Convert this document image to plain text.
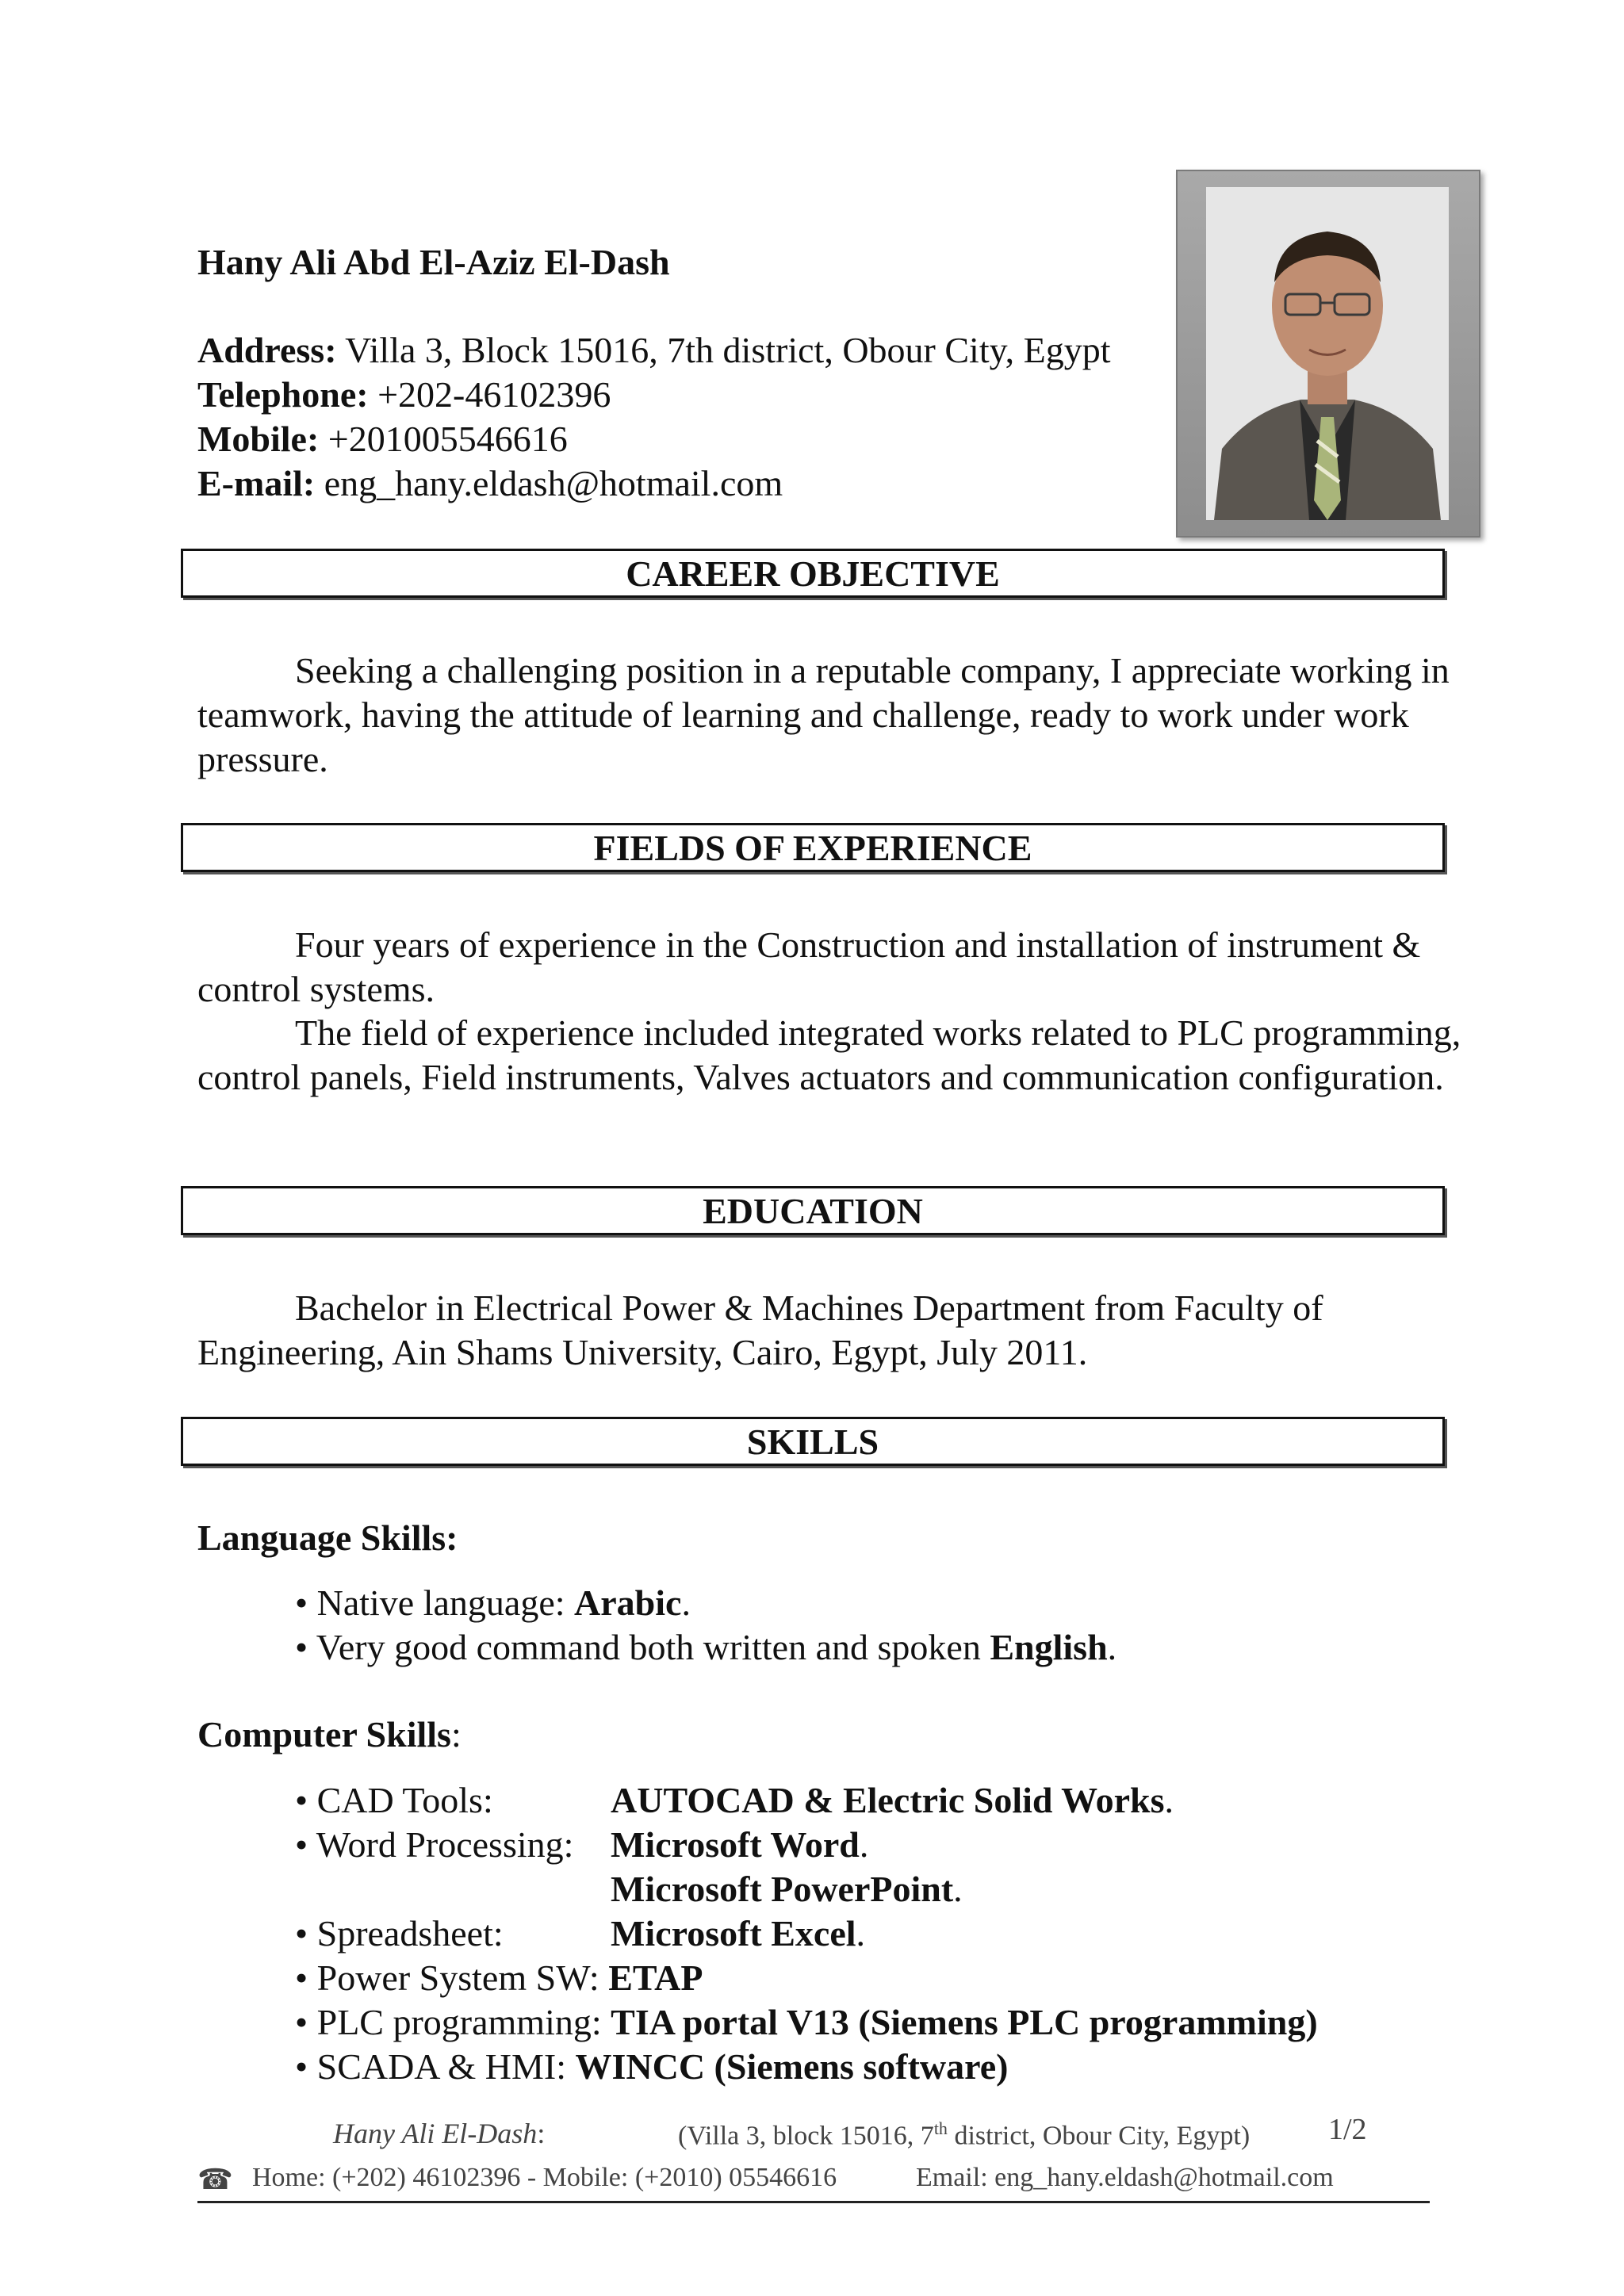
Hany Ali Abd El-Aziz El-Dash
Address: Villa 3, Block 15016, 7th district, Obour City, Egypt
Telephone: +202-46102396
Mobile: +201005546616
E-mail: eng_hany.eldash@hotmail.com
CAREER OBJECTIVE
Seeking a challenging position in a reputable company, I appreciate working in teamwork, having the attitude of learning and challenge, ready to work under work pressure.
FIELDS OF EXPERIENCE
Four years of experience in the Construction and installation of instrument & control systems.
The field of experience included integrated works related to PLC programming, control panels, Field instruments, Valves actuators and communication configuration.
EDUCATION
Bachelor in Electrical Power & Machines Department from Faculty of Engineering, Ain Shams University, Cairo, Egypt, July 2011.
SKILLS
Language Skills:
• Native language: Arabic.
• Very good command both written and spoken English.
Computer Skills:
• CAD Tools:	AUTOCAD & Electric Solid Works.
• Word Processing: Microsoft Word.
Microsoft PowerPoint.
• Spreadsheet:	Microsoft Excel.
• Power System SW: ETAP
• PLC programming: TIA portal V13 (Siemens PLC programming)
• SCADA & HMI: WINCC (Siemens software)
Hany Ali El-Dash:	(Villa 3, block 15016, 7th district, Obour City, Egypt)	1/2
☎ Home: (+202) 46102396 - Mobile: (+2010) 05546616	Email: eng_hany.eldash@hotmail.com
